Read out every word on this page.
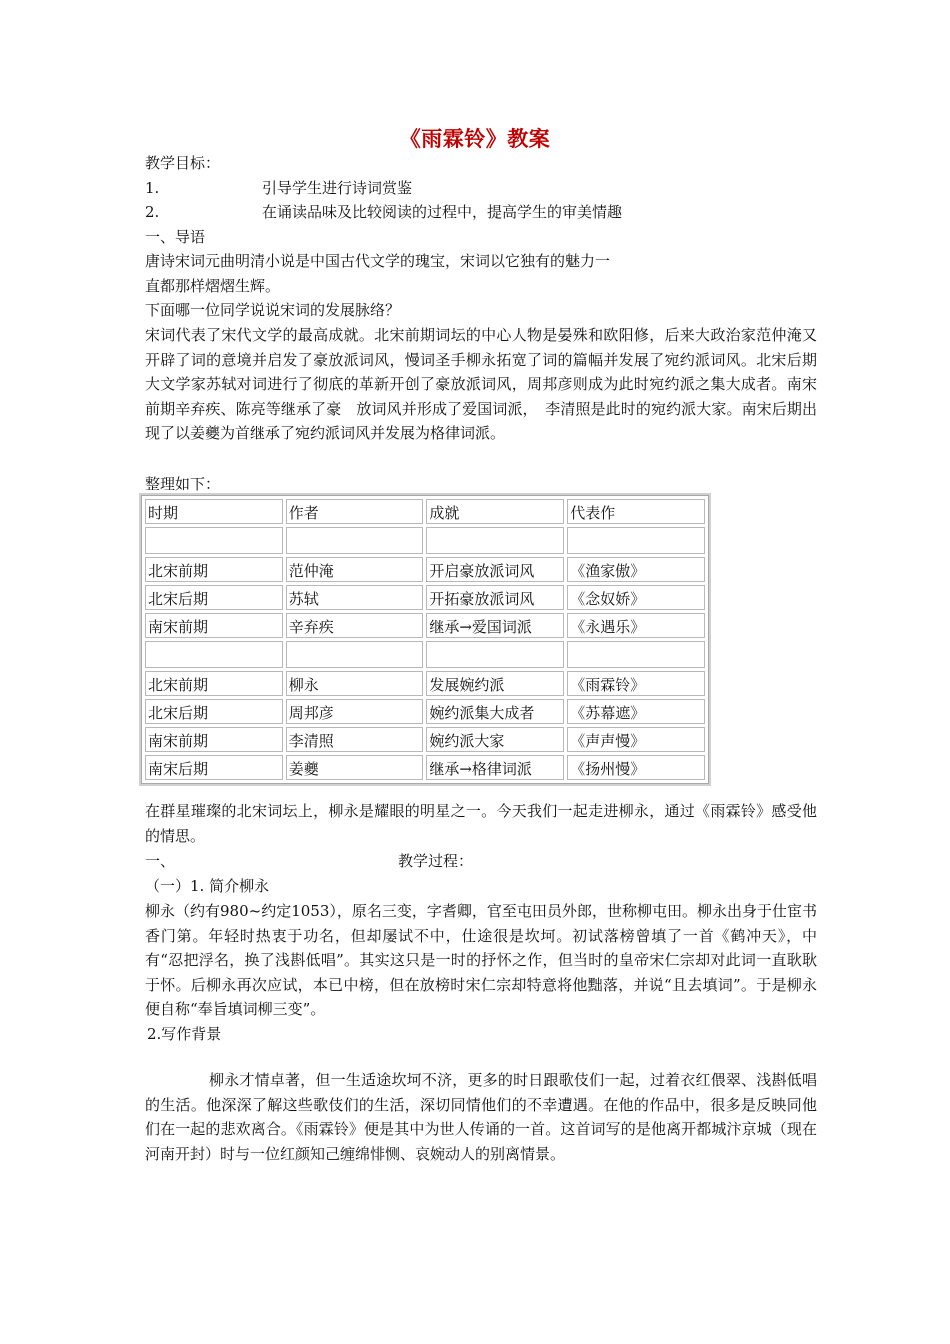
《雨霖铃》教案

教学目标：

1.	引导学生进行诗词赏鉴

2.	在诵读品味及比较阅读的过程中，提高学生的审美情趣

一、导语

唐诗宋词元曲明清小说是中国古代文学的瑰宝，宋词以它独有的魅力一

直都那样熠熠生辉。

下面哪一位同学说说宋词的发展脉络？

宋词代表了宋代文学的最高成就。北宋前期词坛的中心人物是晏殊和欧阳修，后来大政治家范仲淹又开辟了词的意境并启发了豪放派词风，慢词圣手柳永拓宽了词的篇幅并发展了宛约派词风。北宋后期大文学家苏轼对词进行了彻底的革新开创了豪放派词风，周邦彦则成为此时宛约派之集大成者。南宋前期辛弃疾、陈亮等继承了豪　放词风并形成了爱国词派，　李清照是此时的宛约派大家。南宋后期出现了以姜夔为首继承了宛约派词风并发展为格律词派。

整理如下：

时期	作者	成就	代表作

北宋前期	范仲淹	开启豪放派词风	《渔家傲》
北宋后期	苏轼	开拓豪放派词风	《念奴娇》
南宋前期	辛弃疾	继承→爱国词派	《永遇乐》

北宋前期	柳永	发展婉约派	《雨霖铃》
北宋后期	周邦彦	婉约派集大成者	《苏幕遮》
南宋前期	李清照	婉约派大家	《声声慢》
南宋后期	姜夔	继承→格律词派	《扬州慢》

在群星璀璨的北宋词坛上，柳永是耀眼的明星之一。今天我们一起走进柳永，通过《雨霖铃》感受他的情思。

一、	教学过程：

（一）1. 简介柳永

柳永（约有980~约定1053），原名三变，字耆卿，官至屯田员外郎，世称柳屯田。柳永出身于仕宦书香门第。年轻时热衷于功名，但却屡试不中，仕途很是坎坷。初试落榜曾填了一首《鹤冲天》，中有“忍把浮名，换了浅斟低唱”。其实这只是一时的抒怀之作，但当时的皇帝宋仁宗却对此词一直耿耿于怀。后柳永再次应试，本已中榜，但在放榜时宋仁宗却特意将他黜落，并说“且去填词”。于是柳永便自称“奉旨填词柳三变”。

2.写作背景

柳永才情卓著，但一生适途坎坷不济，更多的时日跟歌伎们一起，过着衣红偎翠、浅斟低唱的生活。他深深了解这些歌伎们的生活，深切同情他们的不幸遭遇。在他的作品中，很多是反映同他们在一起的悲欢离合。《雨霖铃》便是其中为世人传诵的一首。这首词写的是他离开都城汴京城（现在河南开封）时与一位红颜知己缠绵悱恻、哀婉动人的别离情景。
